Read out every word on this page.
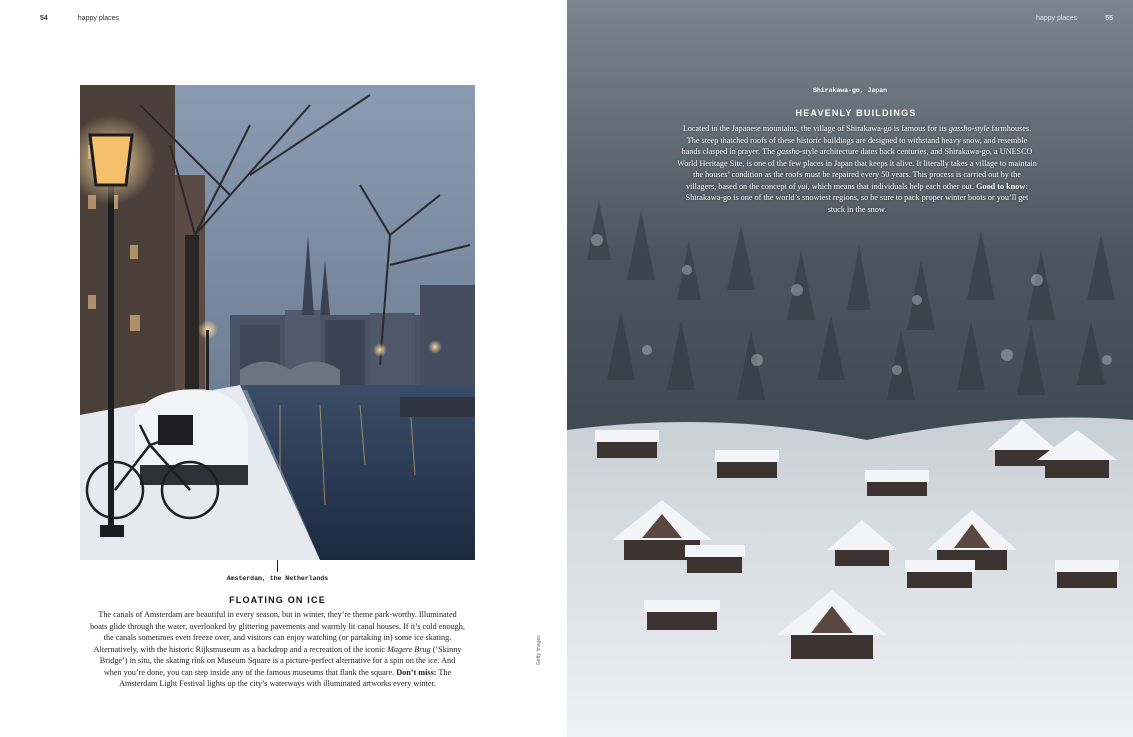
54	happy places
Amsterdam, the Netherlands
FLOATING ON ICE
The canals of Amsterdam are beautiful in every season, but in winter, they’re theme park-worthy. Illuminated boats glide through the water, overlooked by glittering pavements and warmly lit canal houses. If it’s cold enough, the canals sometimes even freeze over, and visitors can enjoy watching (or partaking in) some ice skating. Alternatively, with the historic Rijksmuseum as a backdrop and a recreation of the iconic Magere Brug (‘Skinny Bridge’) in situ, the skating rink on Museum Square is a picture-perfect alternative for a spin on the ice. And when you’re done, you can step inside any of the famous museums that flank the square. Don’t miss: The Amsterdam Light Festival lights up the city’s waterways with illuminated artworks every winter.
Getty Images
happy places	55
Shirakawa-go, Japan
HEAVENLY BUILDINGS
Located in the Japanese mountains, the village of Shirakawa-go is famous for its gassho-style farmhouses. The steep thatched roofs of these historic buildings are designed to withstand heavy snow, and resemble hands clasped in prayer. The gassho-style architecture dates back centuries, and Shirakawa-go, a UNESCO World Heritage Site, is one of the few places in Japan that keeps it alive. It literally takes a village to maintain the houses’ condition as the roofs must be repaired every 50 years. This process is carried out by the villagers, based on the concept of yui, which means that individuals help each other out. Good to know: Shirakawa-go is one of the world’s snowiest regions, so be sure to pack proper winter boots or you’ll get stuck in the snow.
